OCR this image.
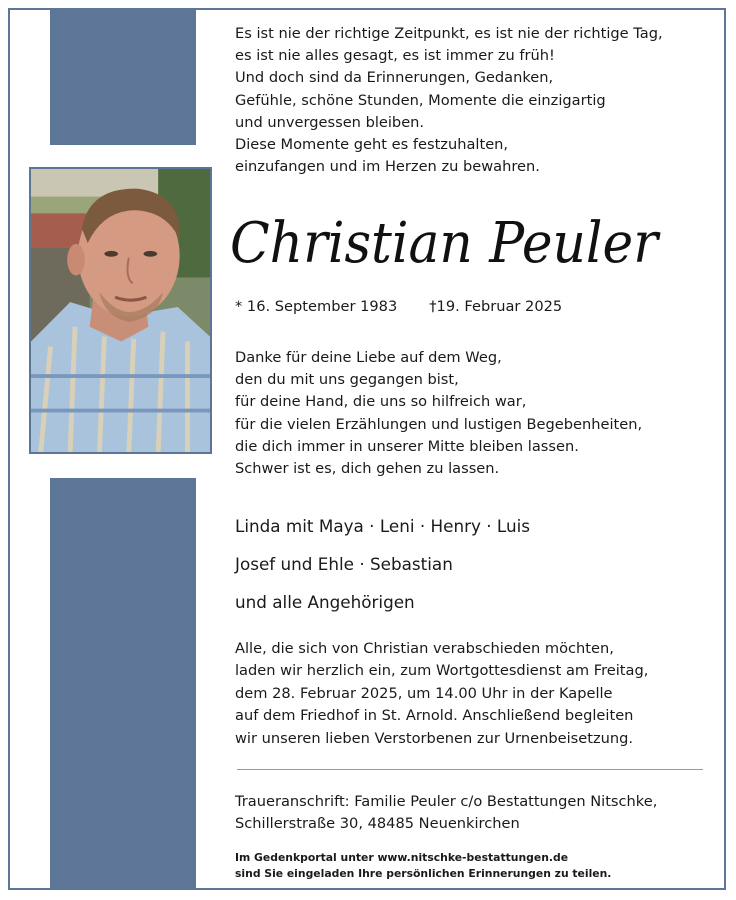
Es ist nie der richtige Zeitpunkt, es ist nie der richtige Tag,
es ist nie alles gesagt, es ist immer zu früh!
Und doch sind da Erinnerungen, Gedanken,
Gefühle, schöne Stunden, Momente die einzigartig
und unvergessen bleiben.
Diese Momente geht es festzuhalten,
einzufangen und im Herzen zu bewahren.
Christian Peuler
* 16. September 1983 †19. Februar 2025
Danke für deine Liebe auf dem Weg,
den du mit uns gegangen bist,
für deine Hand, die uns so hilfreich war,
für die vielen Erzählungen und lustigen Begebenheiten,
die dich immer in unserer Mitte bleiben lassen.
Schwer ist es, dich gehen zu lassen.
Linda mit Maya · Leni · Henry · Luis
Josef und Ehle · Sebastian
und alle Angehörigen
Alle, die sich von Christian verabschieden möchten,
laden wir herzlich ein, zum Wortgottesdienst am Freitag,
dem 28. Februar 2025, um 14.00 Uhr in der Kapelle
auf dem Friedhof in St. Arnold. Anschließend begleiten
wir unseren lieben Verstorbenen zur Urnenbeisetzung.
Traueranschrift: Familie Peuler c/o Bestattungen Nitschke,
Schillerstraße 30, 48485 Neuenkirchen
Im Gedenkportal unter www.nitschke-bestattungen.de
sind Sie eingeladen Ihre persönlichen Erinnerungen zu teilen.
